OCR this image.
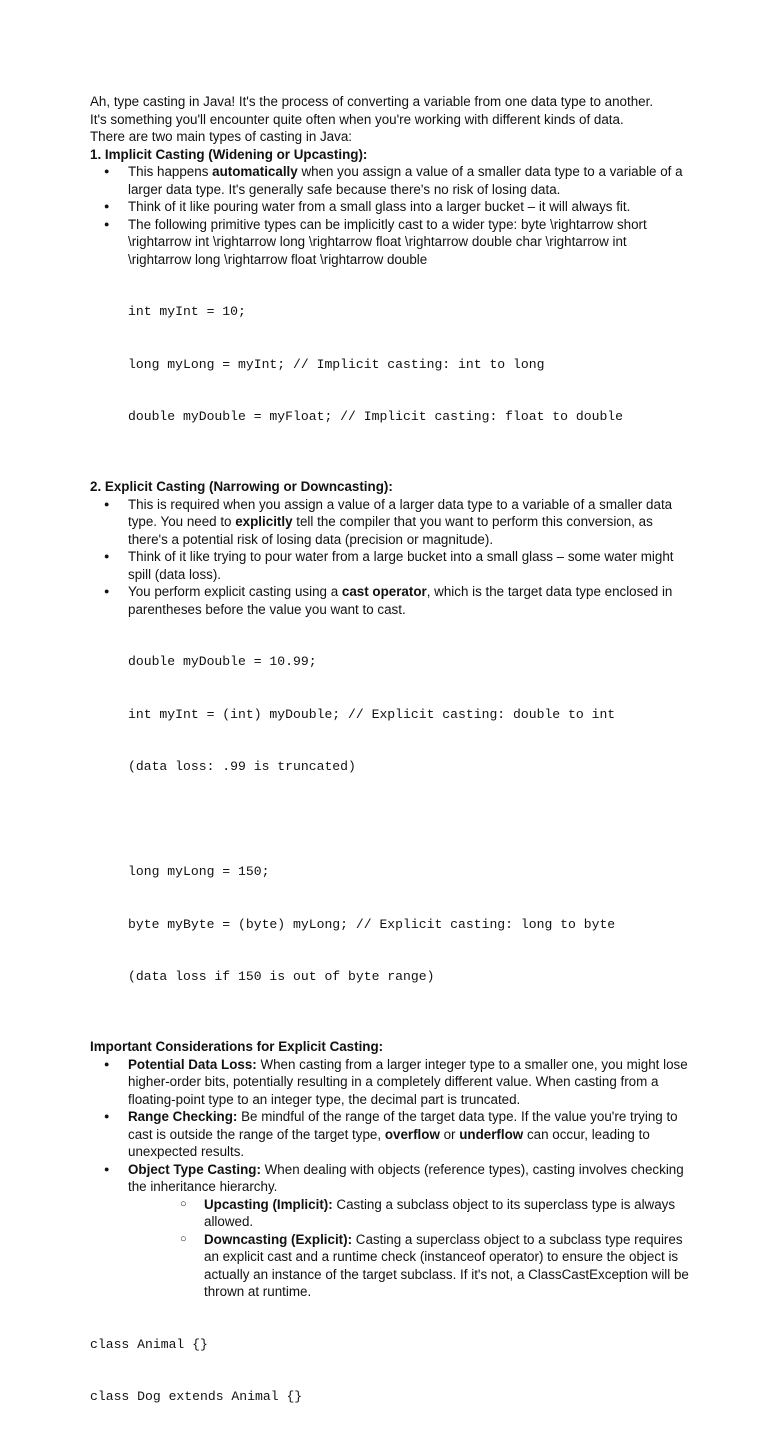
Ah, type casting in Java! It's the process of converting a variable from one data type to another.

It's something you'll encounter quite often when you're working with different kinds of data.

There are two main types of casting in Java:

1. Implicit Casting (Widening or Upcasting):

● This happens automatically when you assign a value of a smaller data type to a variable of a larger data type. It's generally safe because there's no risk of losing data.
● Think of it like pouring water from a small glass into a larger bucket – it will always fit.
● The following primitive types can be implicitly cast to a wider type: byte \rightarrow short \rightarrow int \rightarrow long \rightarrow float \rightarrow double char \rightarrow int \rightarrow long \rightarrow float \rightarrow double

int myInt = 10;

long myLong = myInt; // Implicit casting: int to long

double myDouble = myFloat; // Implicit casting: float to double

2. Explicit Casting (Narrowing or Downcasting):

● This is required when you assign a value of a larger data type to a variable of a smaller data type. You need to explicitly tell the compiler that you want to perform this conversion, as there's a potential risk of losing data (precision or magnitude).
● Think of it like trying to pour water from a large bucket into a small glass – some water might spill (data loss).
● You perform explicit casting using a cast operator, which is the target data type enclosed in parentheses before the value you want to cast.

double myDouble = 10.99;

int myInt = (int) myDouble; // Explicit casting: double to int

(data loss: .99 is truncated)

long myLong = 150;

byte myByte = (byte) myLong; // Explicit casting: long to byte

(data loss if 150 is out of byte range)

Important Considerations for Explicit Casting:

● Potential Data Loss: When casting from a larger integer type to a smaller one, you might lose higher-order bits, potentially resulting in a completely different value. When casting from a floating-point type to an integer type, the decimal part is truncated.
● Range Checking: Be mindful of the range of the target data type. If the value you're trying to cast is outside the range of the target type, overflow or underflow can occur, leading to unexpected results.
● Object Type Casting: When dealing with objects (reference types), casting involves checking the inheritance hierarchy.
○ Upcasting (Implicit): Casting a subclass object to its superclass type is always allowed.
○ Downcasting (Explicit): Casting a superclass object to a subclass type requires an explicit cast and a runtime check (instanceof operator) to ensure the object is actually an instance of the target subclass. If it's not, a ClassCastException will be thrown at runtime.

class Animal {}

class Dog extends Animal {}
